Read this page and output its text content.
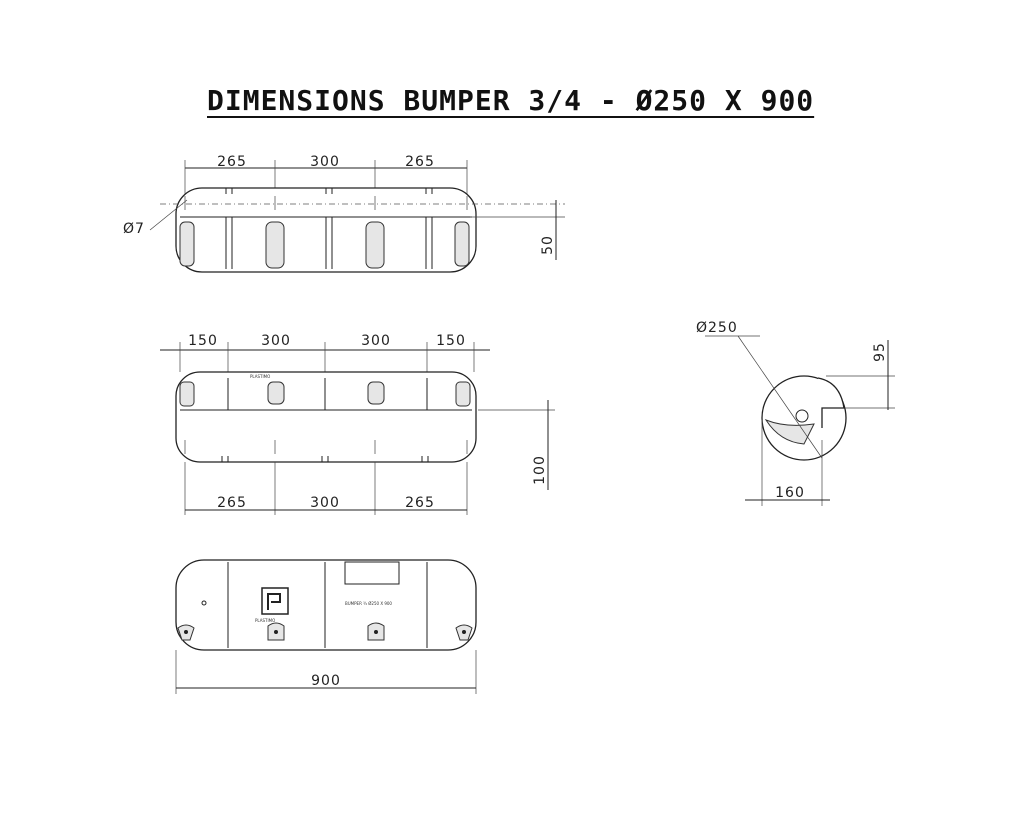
DIMENSIONS BUMPER 3/4 - Ø250 X 900
265	300	265
50
Ø7
150	300	300	150
PLASTIMO
100
265	300	265
PLASTIMO
BUMPER ¾ Ø250 X 900
900
Ø250
95
160
